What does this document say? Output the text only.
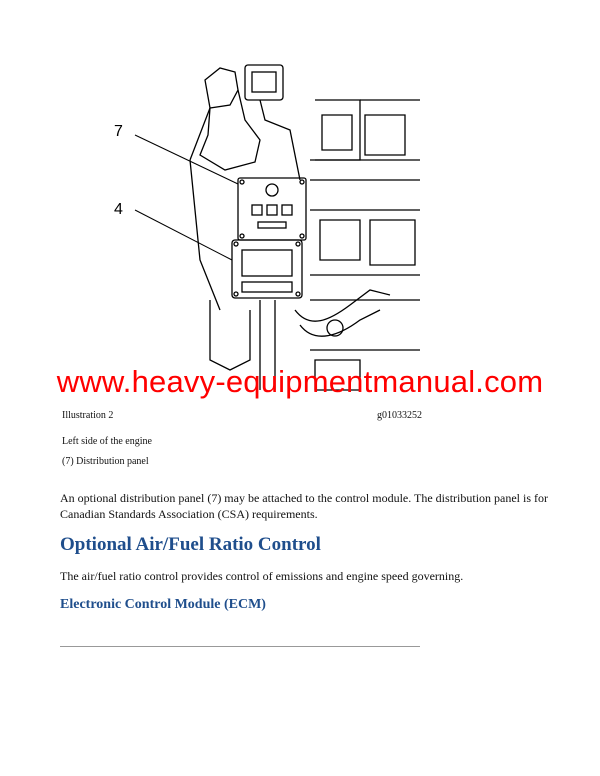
7
4
www.heavy-equipmentmanual.com
Illustration 2	g01033252
Left side of the engine
(7) Distribution panel
An optional distribution panel (7) may be attached to the control module. The distribution panel is for Canadian Standards Association (CSA) requirements.
Optional Air/Fuel Ratio Control
The air/fuel ratio control provides control of emissions and engine speed governing.
Electronic Control Module (ECM)
